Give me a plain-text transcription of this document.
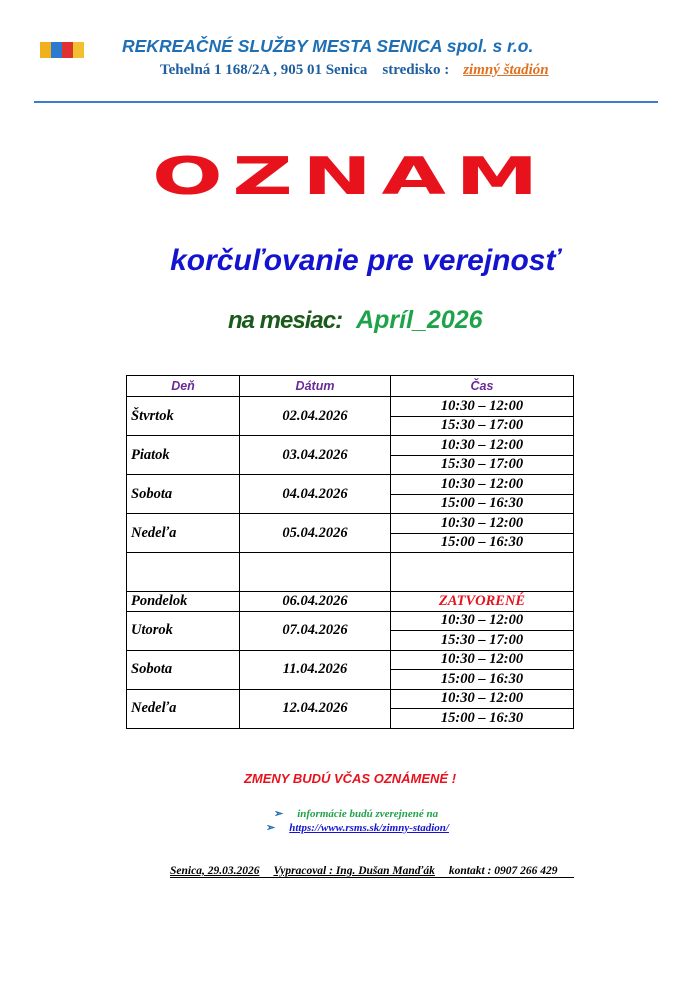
REKREAČNÉ SLUŽBY MESTA SENICA spol. s r.o.
Tehelná 1 168/2A , 905 01 Senica stredisko : zimný štadión
OZNAM
korčuľovanie pre verejnosť
na mesiac: Apríl_2026
Deň	Dátum	Čas
Štvrtok	02.04.2026	10:30 – 12:00
		15:30 – 17:00
Piatok	03.04.2026	10:30 – 12:00
		15:30 – 17:00
Sobota	04.04.2026	10:30 – 12:00
		15:00 – 16:30
Nedeľa	05.04.2026	10:30 – 12:00
		15:00 – 16:30

Pondelok	06.04.2026	ZATVORENÉ
Utorok	07.04.2026	10:30 – 12:00
		15:30 – 17:00
Sobota	11.04.2026	10:30 – 12:00
		15:00 – 16:30
Nedeľa	12.04.2026	10:30 – 12:00
		15:00 – 16:30
ZMENY BUDÚ VČAS OZNÁMENÉ !
➢ informácie budú zverejnené na
➢ https://www.rsms.sk/zimny-stadion/
Senica, 29.03.2026 Vypracoval : Ing. Dušan Manďák kontakt : 0907 266 429
